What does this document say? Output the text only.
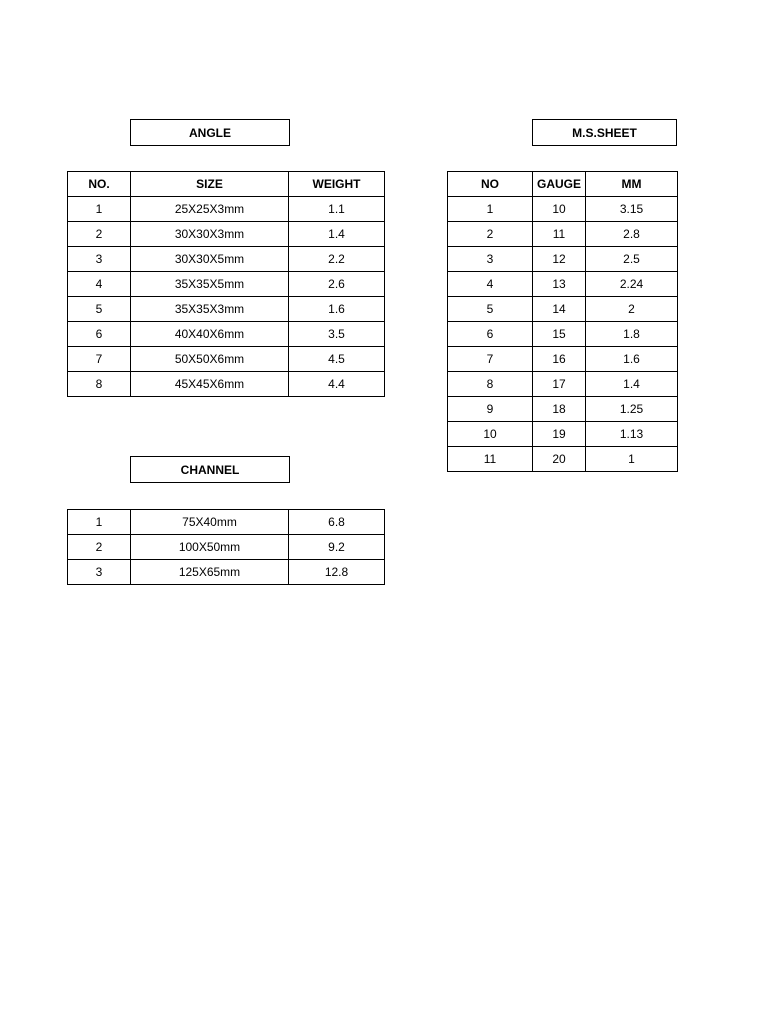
ANGLE
NO.	SIZE	WEIGHT
1	25X25X3mm	1.1
2	30X30X3mm	1.4
3	30X30X5mm	2.2
4	35X35X5mm	2.6
5	35X35X3mm	1.6
6	40X40X6mm	3.5
7	50X50X6mm	4.5
8	45X45X6mm	4.4
CHANNEL
1	75X40mm	6.8
2	100X50mm	9.2
3	125X65mm	12.8
M.S.SHEET
NO	GAUGE	MM
1	10	3.15
2	11	2.8
3	12	2.5
4	13	2.24
5	14	2
6	15	1.8
7	16	1.6
8	17	1.4
9	18	1.25
10	19	1.13
11	20	1
